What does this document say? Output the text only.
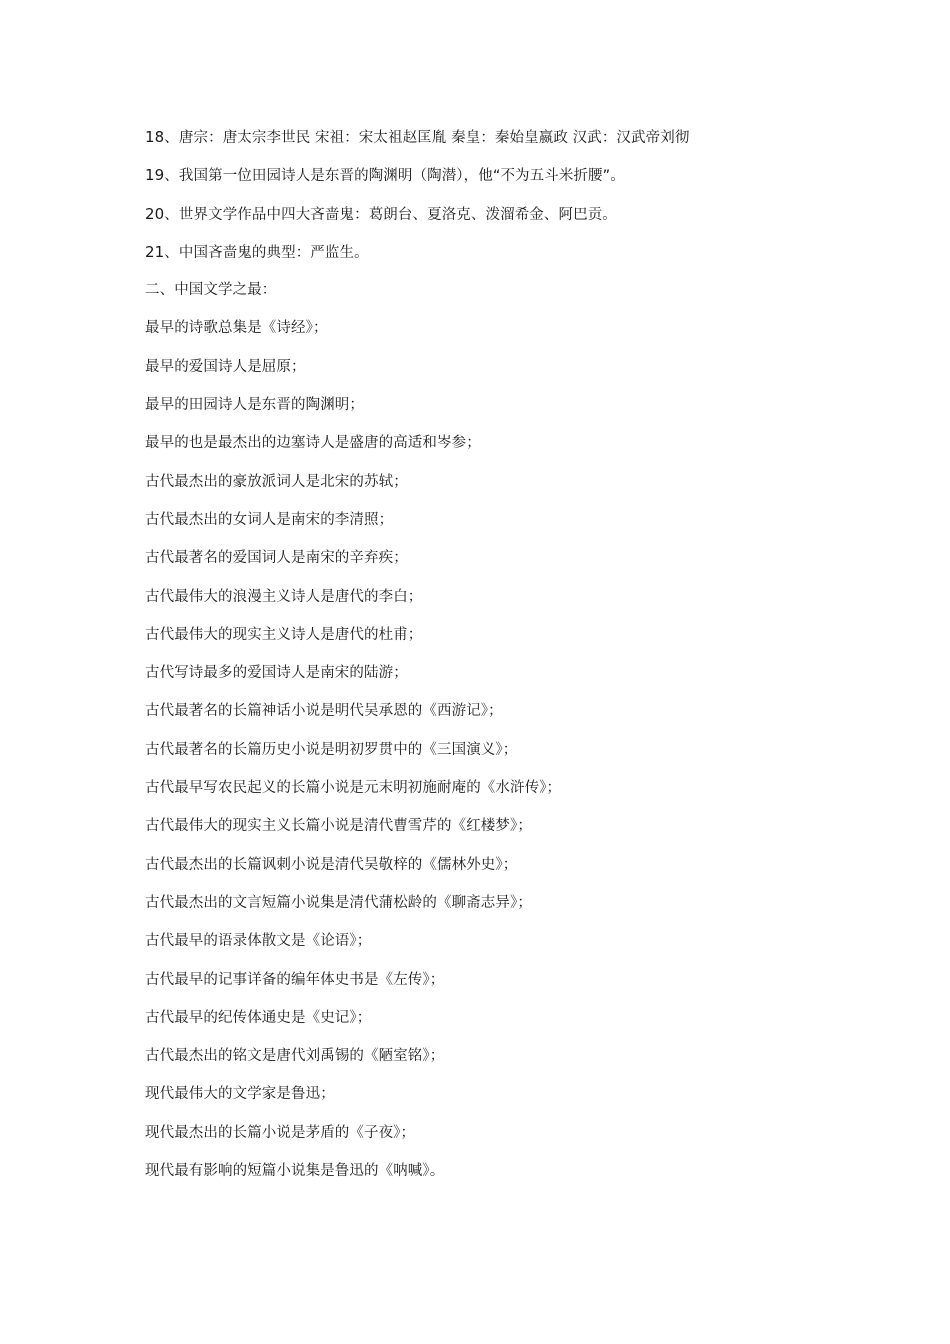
18、唐宗：唐太宗李世民 宋祖：宋太祖赵匡胤 秦皇：秦始皇嬴政 汉武：汉武帝刘彻
19、我国第一位田园诗人是东晋的陶渊明（陶潜），他“不为五斗米折腰”。
20、世界文学作品中四大吝啬鬼：葛朗台、夏洛克、泼溜希金、阿巴贡。
21、中国吝啬鬼的典型：严监生。
二、中国文学之最：
最早的诗歌总集是《诗经》；
最早的爱国诗人是屈原；
最早的田园诗人是东晋的陶渊明；
最早的也是最杰出的边塞诗人是盛唐的高适和岑参；
古代最杰出的豪放派词人是北宋的苏轼；
古代最杰出的女词人是南宋的李清照；
古代最著名的爱国词人是南宋的辛弃疾；
古代最伟大的浪漫主义诗人是唐代的李白；
古代最伟大的现实主义诗人是唐代的杜甫；
古代写诗最多的爱国诗人是南宋的陆游；
古代最著名的长篇神话小说是明代吴承恩的《西游记》；
古代最著名的长篇历史小说是明初罗贯中的《三国演义》；
古代最早写农民起义的长篇小说是元末明初施耐庵的《水浒传》；
古代最伟大的现实主义长篇小说是清代曹雪芹的《红楼梦》；
古代最杰出的长篇讽刺小说是清代吴敬梓的《儒林外史》；
古代最杰出的文言短篇小说集是清代蒲松龄的《聊斋志异》；
古代最早的语录体散文是《论语》；
古代最早的记事详备的编年体史书是《左传》；
古代最早的纪传体通史是《史记》；
古代最杰出的铭文是唐代刘禹锡的《陋室铭》；
现代最伟大的文学家是鲁迅；
现代最杰出的长篇小说是茅盾的《子夜》；
现代最有影响的短篇小说集是鲁迅的《呐喊》。
